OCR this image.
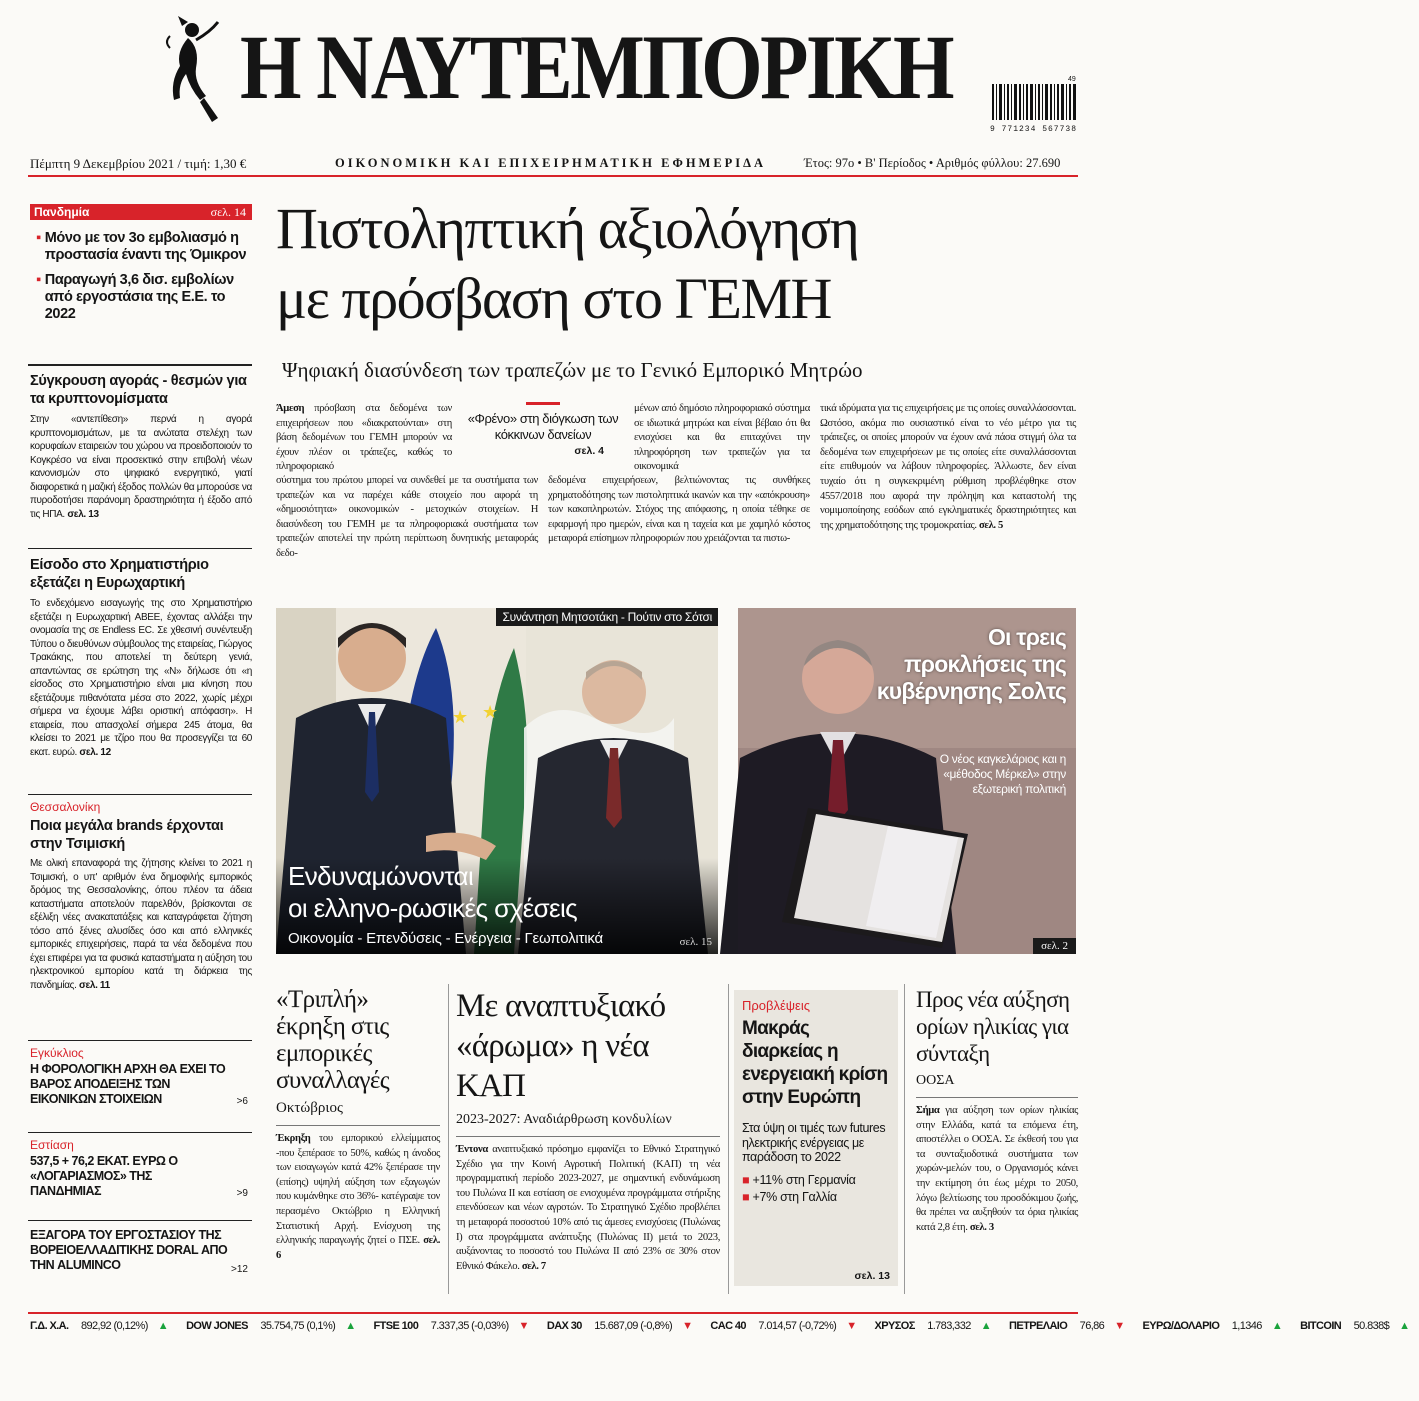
Η ΝΑΥΤΕΜΠΟΡΙΚΗ
9 771234 567738
49
Πέμπτη 9 Δεκεμβρίου 2021 / τιμή: 1,30 €	ΟΙΚΟΝΟΜΙΚΗ ΚΑΙ ΕΠΙΧΕΙΡΗΜΑΤΙΚΗ ΕΦΗΜΕΡΙΔΑ	Έτος: 97ο • Β' Περίοδος • Αριθμός φύλλου: 27.690
Πανδημία	σελ. 14
▪ Μόνο με τον 3ο εμβολιασμό η προστασία έναντι της Όμικρον
▪ Παραγωγή 3,6 δισ. εμβολίων από εργοστάσια της Ε.Ε. το 2022
Σύγκρουση αγοράς - θεσμών για τα κρυπτονομίσματα

Στην «αντεπίθεση» περνά η αγορά κρυπτονομισμάτων, με τα ανώτατα στελέχη των κορυφαίων εταιρειών του χώρου να προειδοποιούν το Κογκρέσο να είναι προσεκτικό στην επιβολή νέων κανονισμών στο ψηφιακό ενεργητικό, γιατί διαφορετικά η μαζική έξοδος πολλών θα μπορούσε να πυροδοτήσει παράνομη δραστηριότητα ή έξοδο από τις ΗΠΑ. σελ. 13

Είσοδο στο Χρηματιστήριο εξετάζει η Ευρωχαρτική

Το ενδεχόμενο εισαγωγής της στο Χρηματιστήριο εξετάζει η Ευρωχαρτική ΑΒΕΕ, έχοντας αλλάξει την ονομασία της σε Endless EC. Σε χθεσινή συνέντευξη Τύπου ο διευθύνων σύμβουλος της εταιρείας, Γιώργος Τρακάκης, που αποτελεί τη δεύτερη γενιά, απαντώντας σε ερώτηση της «Ν» δήλωσε ότι «η είσοδος στο Χρηματιστήριο είναι μια κίνηση που εξετάζουμε πιθανότατα μέσα στο 2022, χωρίς μέχρι σήμερα να έχουμε λάβει οριστική απόφαση». Η εταιρεία, που απασχολεί σήμερα 245 άτομα, θα κλείσει το 2021 με τζίρο που θα προσεγγίζει τα 60 εκατ. ευρώ. σελ. 12

Θεσσαλονίκη
Ποια μεγάλα brands έρχονται στην Τσιμισκή

Με ολική επαναφορά της ζήτησης κλείνει το 2021 η Τσιμισκή, ο υπ' αριθμόν ένα δημοφιλής εμπορικός δρόμος της Θεσσαλονίκης, όπου πλέον τα άδεια καταστήματα αποτελούν παρελθόν, βρίσκονται σε εξέλιξη νέες ανακατατάξεις και καταγράφεται ζήτηση τόσο από ξένες αλυσίδες όσο και από ελληνικές εμπορικές επιχειρήσεις, παρά τα νέα δεδομένα που έχει επιφέρει για τα φυσικά καταστήματα η αύξηση του ηλεκτρονικού εμπορίου κατά τη διάρκεια της πανδημίας. σελ. 11

Εγκύκλιος
Η ΦΟΡΟΛΟΓΙΚΗ ΑΡΧΗ ΘΑ ΕΧΕΙ ΤΟ ΒΑΡΟΣ ΑΠΟΔΕΙΞΗΣ ΤΩΝ ΕΙΚΟΝΙΚΩΝ ΣΤΟΙΧΕΙΩΝ	>6
Εστίαση
537,5 + 76,2 ΕΚΑΤ. ΕΥΡΩ Ο «ΛΟΓΑΡΙΑΣΜΟΣ» ΤΗΣ ΠΑΝΔΗΜΙΑΣ	>9
ΕΞΑΓΟΡΑ ΤΟΥ ΕΡΓΟΣΤΑΣΙΟΥ ΤΗΣ ΒΟΡΕΙΟΕΛΛΑΔΙΤΙΚΗΣ DORAL ΑΠΟ ΤΗΝ ALUMINCO	>12
Πιστοληπτική αξιολόγηση
με πρόσβαση στο ΓΕΜΗ
Ψηφιακή διασύνδεση των τραπεζών με το Γενικό Εμπορικό Μητρώο

Άμεση πρόσβαση στα δεδομένα των επιχειρήσεων που «διακρατούνται» στη βάση δεδομένων του ΓΕΜΗ μπορούν να έχουν πλέον οι τράπεζες, καθώς το πληροφοριακό

«Φρένο» στη διόγκωση των κόκκινων δανείων
σελ. 4

σύστημα του πρώτου μπορεί να συνδεθεί με τα συστήματα των τραπεζών και να παρέχει κάθε στοιχείο που αφορά τη «δημοσιότητα» οικονομικών - μετοχικών στοιχείων. Η διασύνδεση του ΓΕΜΗ με τα πληροφοριακά συστήματα των τραπεζών αποτελεί την πρώτη περίπτωση δυνητικής μεταφοράς δεδο-

μένων από δημόσιο πληροφοριακό σύστημα σε ιδιωτικά μητρώα και είναι βέβαιο ότι θα ενισχύσει και θα επιταχύνει την πληροφόρηση των τραπεζών για τα οικονομικά

δεδομένα επιχειρήσεων, βελτιώνοντας τις συνθήκες χρηματοδότησης των πιστοληπτικά ικανών και την «απόκρουση» των κακοπληρωτών. Στόχος της απόφασης, η οποία τέθηκε σε εφαρμογή προ ημερών, είναι και η ταχεία και με χαμηλό κόστος μεταφορά επίσημων πληροφοριών που χρειάζονται τα πιστω-

τικά ιδρύματα για τις επιχειρήσεις με τις οποίες συναλλάσσονται. Ωστόσο, ακόμα πιο ουσιαστικό είναι το νέο μέτρο για τις τράπεζες, οι οποίες μπορούν να έχουν ανά πάσα στιγμή όλα τα δεδομένα των επιχειρήσεων με τις οποίες είτε συναλλάσσονται είτε επιθυμούν να λάβουν πληροφορίες. Άλλωστε, δεν είναι τυχαίο ότι η συγκεκριμένη ρύθμιση προβλέφθηκε στον 4557/2018 που αφορά την πρόληψη και καταστολή της νομιμοποίησης εσόδων από εγκληματικές δραστηριότητες και της χρηματοδότησης της τρομοκρατίας. σελ. 5

★ ★
Συνάντηση Μητσοτάκη - Πούτιν στο Σότσι
Ενδυναμώνονται
οι ελληνο-ρωσικές σχέσεις
Οικονομία - Επενδύσεις - Ενέργεια - Γεωπολιτικά	σελ. 15
Οι τρεις προκλήσεις της κυβέρνησης Σολτς
Ο νέος καγκελάριος και η «μέθοδος Μέρκελ» στην εξωτερική πολιτική
σελ. 2
«Τριπλή» έκρηξη στις εμπορικές συναλλαγές
Οκτώβριος

Έκρηξη του εμπορικού ελλείμματος -που ξεπέρασε το 50%, καθώς η άνοδος των εισαγωγών κατά 42% ξεπέρασε την (επίσης) υψηλή αύξηση των εξαγωγών που κυμάνθηκε στο 36%- κατέγραψε τον περασμένο Οκτώβριο η Ελληνική Στατιστική Αρχή. Ενίσχυση της ελληνικής παραγωγής ζητεί ο ΠΣΕ. σελ. 6

Με αναπτυξιακό «άρωμα» η νέα ΚΑΠ
2023-2027: Αναδιάρθρωση κονδυλίων

Έντονα αναπτυξιακό πρόσημο εμφανίζει το Εθνικό Στρατηγικό Σχέδιο για την Κοινή Αγροτική Πολιτική (ΚΑΠ) τη νέα προγραμματική περίοδο 2023-2027, με σημαντική ενδυνάμωση του Πυλώνα ΙΙ και εστίαση σε ενισχυμένα προγράμματα στήριξης επενδύσεων και νέων αγροτών. Το Στρατηγικό Σχέδιο προβλέπει τη μεταφορά ποσοστού 10% από τις άμεσες ενισχύσεις (Πυλώνας Ι) στα προγράμματα ανάπτυξης (Πυλώνας ΙΙ) μετά το 2023, αυξάνοντας το ποσοστό του Πυλώνα ΙΙ από 23% σε 30% στον Εθνικό Φάκελο. σελ. 7

Προβλέψεις
Μακράς διαρκείας η ενεργειακή κρίση στην Ευρώπη
Στα ύψη οι τιμές των futures ηλεκτρικής ενέργειας με παράδοση το 2022
■ +11% στη Γερμανία
■ +7% στη Γαλλία
σελ. 13
Προς νέα αύξηση ορίων ηλικίας για σύνταξη
ΟΟΣΑ

Σήμα για αύξηση των ορίων ηλικίας στην Ελλάδα, κατά τα επόμενα έτη, αποστέλλει ο ΟΟΣΑ. Σε έκθεσή του για τα συνταξιοδοτικά συστήματα των χωρών-μελών του, ο Οργανισμός κάνει την εκτίμηση ότι έως μέχρι το 2050, λόγω βελτίωσης του προσδόκιμου ζωής, θα πρέπει να αυξηθούν τα όρια ηλικίας κατά 2,8 έτη. σελ. 3

Γ.Δ. Χ.Α. 892,92 (0,12%) ▲	DOW JONES 35.754,75 (0,1%) ▲	FTSE 100 7.337,35 (-0,03%) ▼	DAX 30 15.687,09 (-0,8%) ▼	CAC 40 7.014,57 (-0,72%) ▼	ΧΡΥΣΟΣ 1.783,332 ▲	ΠΕΤΡΕΛΑΙΟ 76,86 ▼	ΕΥΡΩ/ΔΟΛΑΡΙΟ 1,1346 ▲	BITCOIN 50.838$ ▲
